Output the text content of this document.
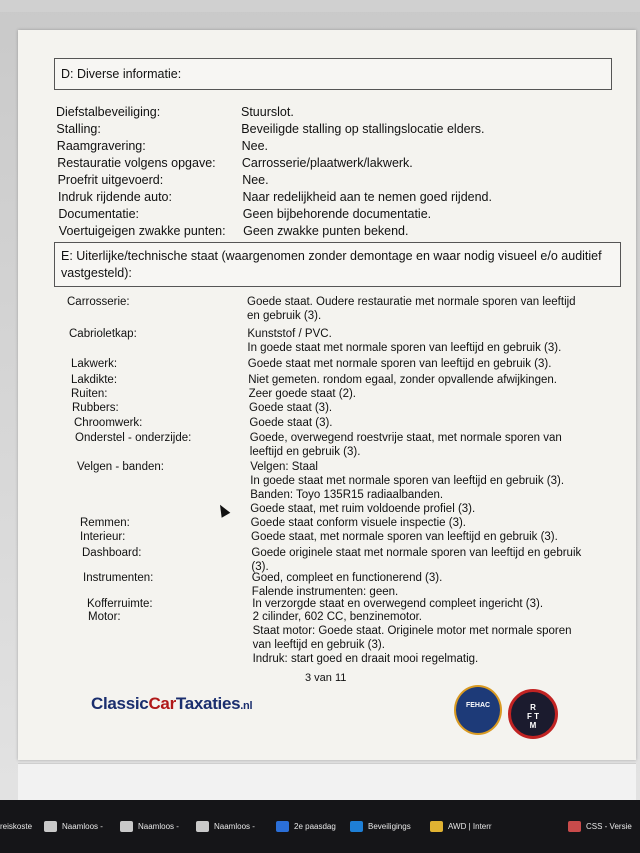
D: Diverse informatie:
Diefstalbeveiliging:	Stuurslot.
Stalling:	Beveiligde stalling op stallingslocatie elders.
Raamgravering:	Nee.
Restauratie volgens opgave: Carrosserie/plaatwerk/lakwerk.
Proefrit uitgevoerd:	Nee.
Indruk rijdende auto:	Naar redelijkheid aan te nemen goed rijdend.
Documentatie:	Geen bijbehorende documentatie.
Voertuigeigen zwakke punten: Geen zwakke punten bekend.
E: Uiterlijke/technische staat (waargenomen zonder demontage en waar nodig visueel e/o auditief vastgesteld):
Carrosserie:	Goede staat. Oudere restauratie met normale sporen van leeftijd
en gebruik (3).
Cabrioletkap:	Kunststof / PVC.
In goede staat met normale sporen van leeftijd en gebruik (3).
Lakwerk:	Goede staat met normale sporen van leeftijd en gebruik (3).
Lakdikte:	Niet gemeten. rondom egaal, zonder opvallende afwijkingen.
Ruiten:	Zeer goede staat (2).
Rubbers:	Goede staat (3).
Chroomwerk:	Goede staat (3).
Onderstel - onderzijde:	Goede, overwegend roestvrije staat, met normale sporen van
leeftijd en gebruik (3).
Velgen - banden:	Velgen: Staal
In goede staat met normale sporen van leeftijd en gebruik (3).
Banden: Toyo 135R15 radiaalbanden.
Goede staat, met ruim voldoende profiel (3).
Remmen:	Goede staat conform visuele inspectie (3).
Interieur:	Goede staat, met normale sporen van leeftijd en gebruik (3).
Dashboard:	Goede originele staat met normale sporen van leeftijd en gebruik
(3).
Instrumenten:	Goed, compleet en functionerend (3).
Falende instrumenten: geen.
Kofferruimte:	In verzorgde staat en overwegend compleet ingericht (3).
Motor:	2 cilinder, 602 CC, benzinemotor.
Staat motor: Goede staat. Originele motor met normale sporen
van leeftijd en gebruik (3).
Indruk: start goed en draait mooi regelmatig.
3 van 11
ClassicCarTaxaties.nl	FEHAC	R
F T
M
reiskoste	Naamloos -	Naamloos -	Naamloos -	2e paasdag	Beveiligings	AWD | Interr	CSS - Versie
